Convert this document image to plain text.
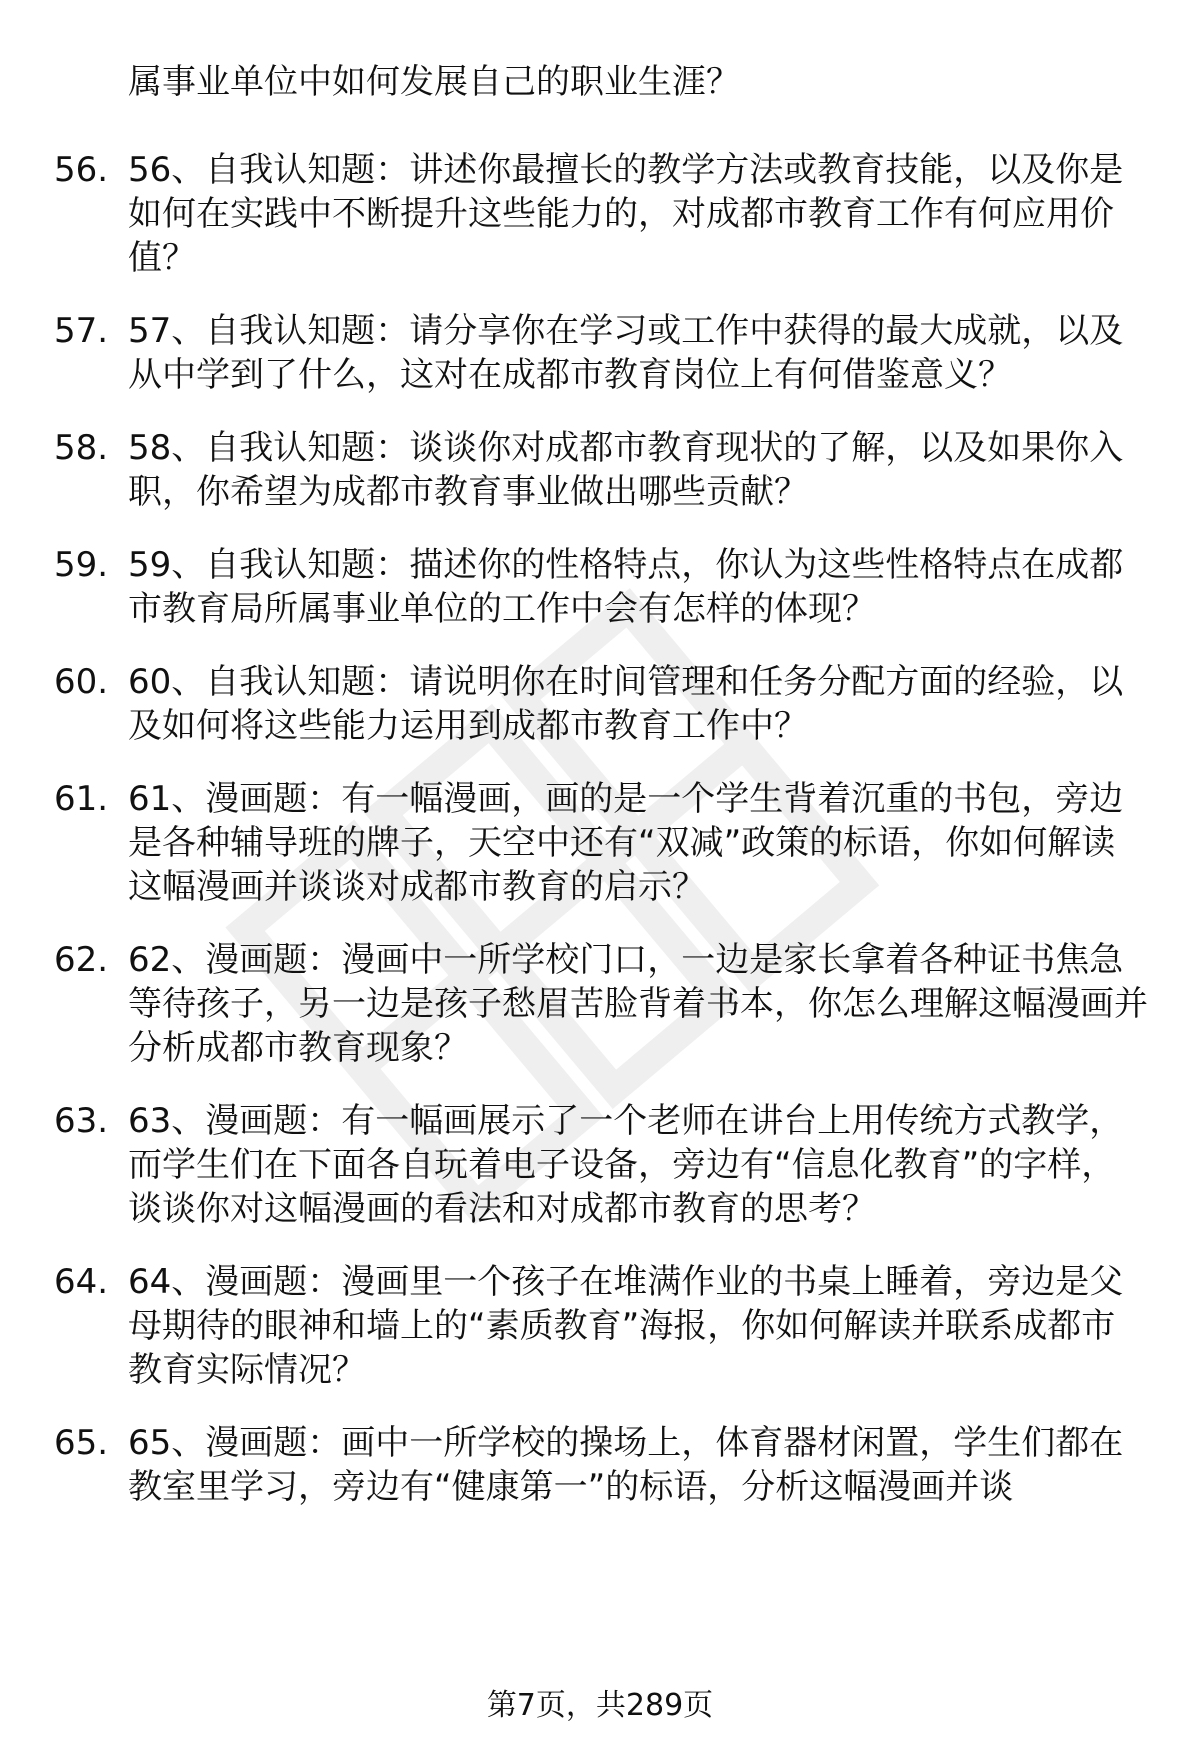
属事业单位中如何发展自己的职业生涯？
56. 56、自我认知题：讲述你最擅长的教学方法或教育技能，以及你是如何在实践中不断提升这些能力的，对成都市教育工作有何应用价值？
57. 57、自我认知题：请分享你在学习或工作中获得的最大成就，以及从中学到了什么，这对在成都市教育岗位上有何借鉴意义？
58. 58、自我认知题：谈谈你对成都市教育现状的了解，以及如果你入职，你希望为成都市教育事业做出哪些贡献？
59. 59、自我认知题：描述你的性格特点，你认为这些性格特点在成都市教育局所属事业单位的工作中会有怎样的体现？
60. 60、自我认知题：请说明你在时间管理和任务分配方面的经验，以及如何将这些能力运用到成都市教育工作中？
61. 61、漫画题：有一幅漫画，画的是一个学生背着沉重的书包，旁边是各种辅导班的牌子，天空中还有“双减”政策的标语，你如何解读这幅漫画并谈谈对成都市教育的启示？
62. 62、漫画题：漫画中一所学校门口，一边是家长拿着各种证书焦急等待孩子，另一边是孩子愁眉苦脸背着书本，你怎么理解这幅漫画并分析成都市教育现象？
63. 63、漫画题：有一幅画展示了一个老师在讲台上用传统方式教学，而学生们在下面各自玩着电子设备，旁边有“信息化教育”的字样，谈谈你对这幅漫画的看法和对成都市教育的思考？
64. 64、漫画题：漫画里一个孩子在堆满作业的书桌上睡着，旁边是父母期待的眼神和墙上的“素质教育”海报，你如何解读并联系成都市教育实际情况？
65. 65、漫画题：画中一所学校的操场上，体育器材闲置，学生们都在教室里学习，旁边有“健康第一”的标语，分析这幅漫画并谈
第7页，共289页
